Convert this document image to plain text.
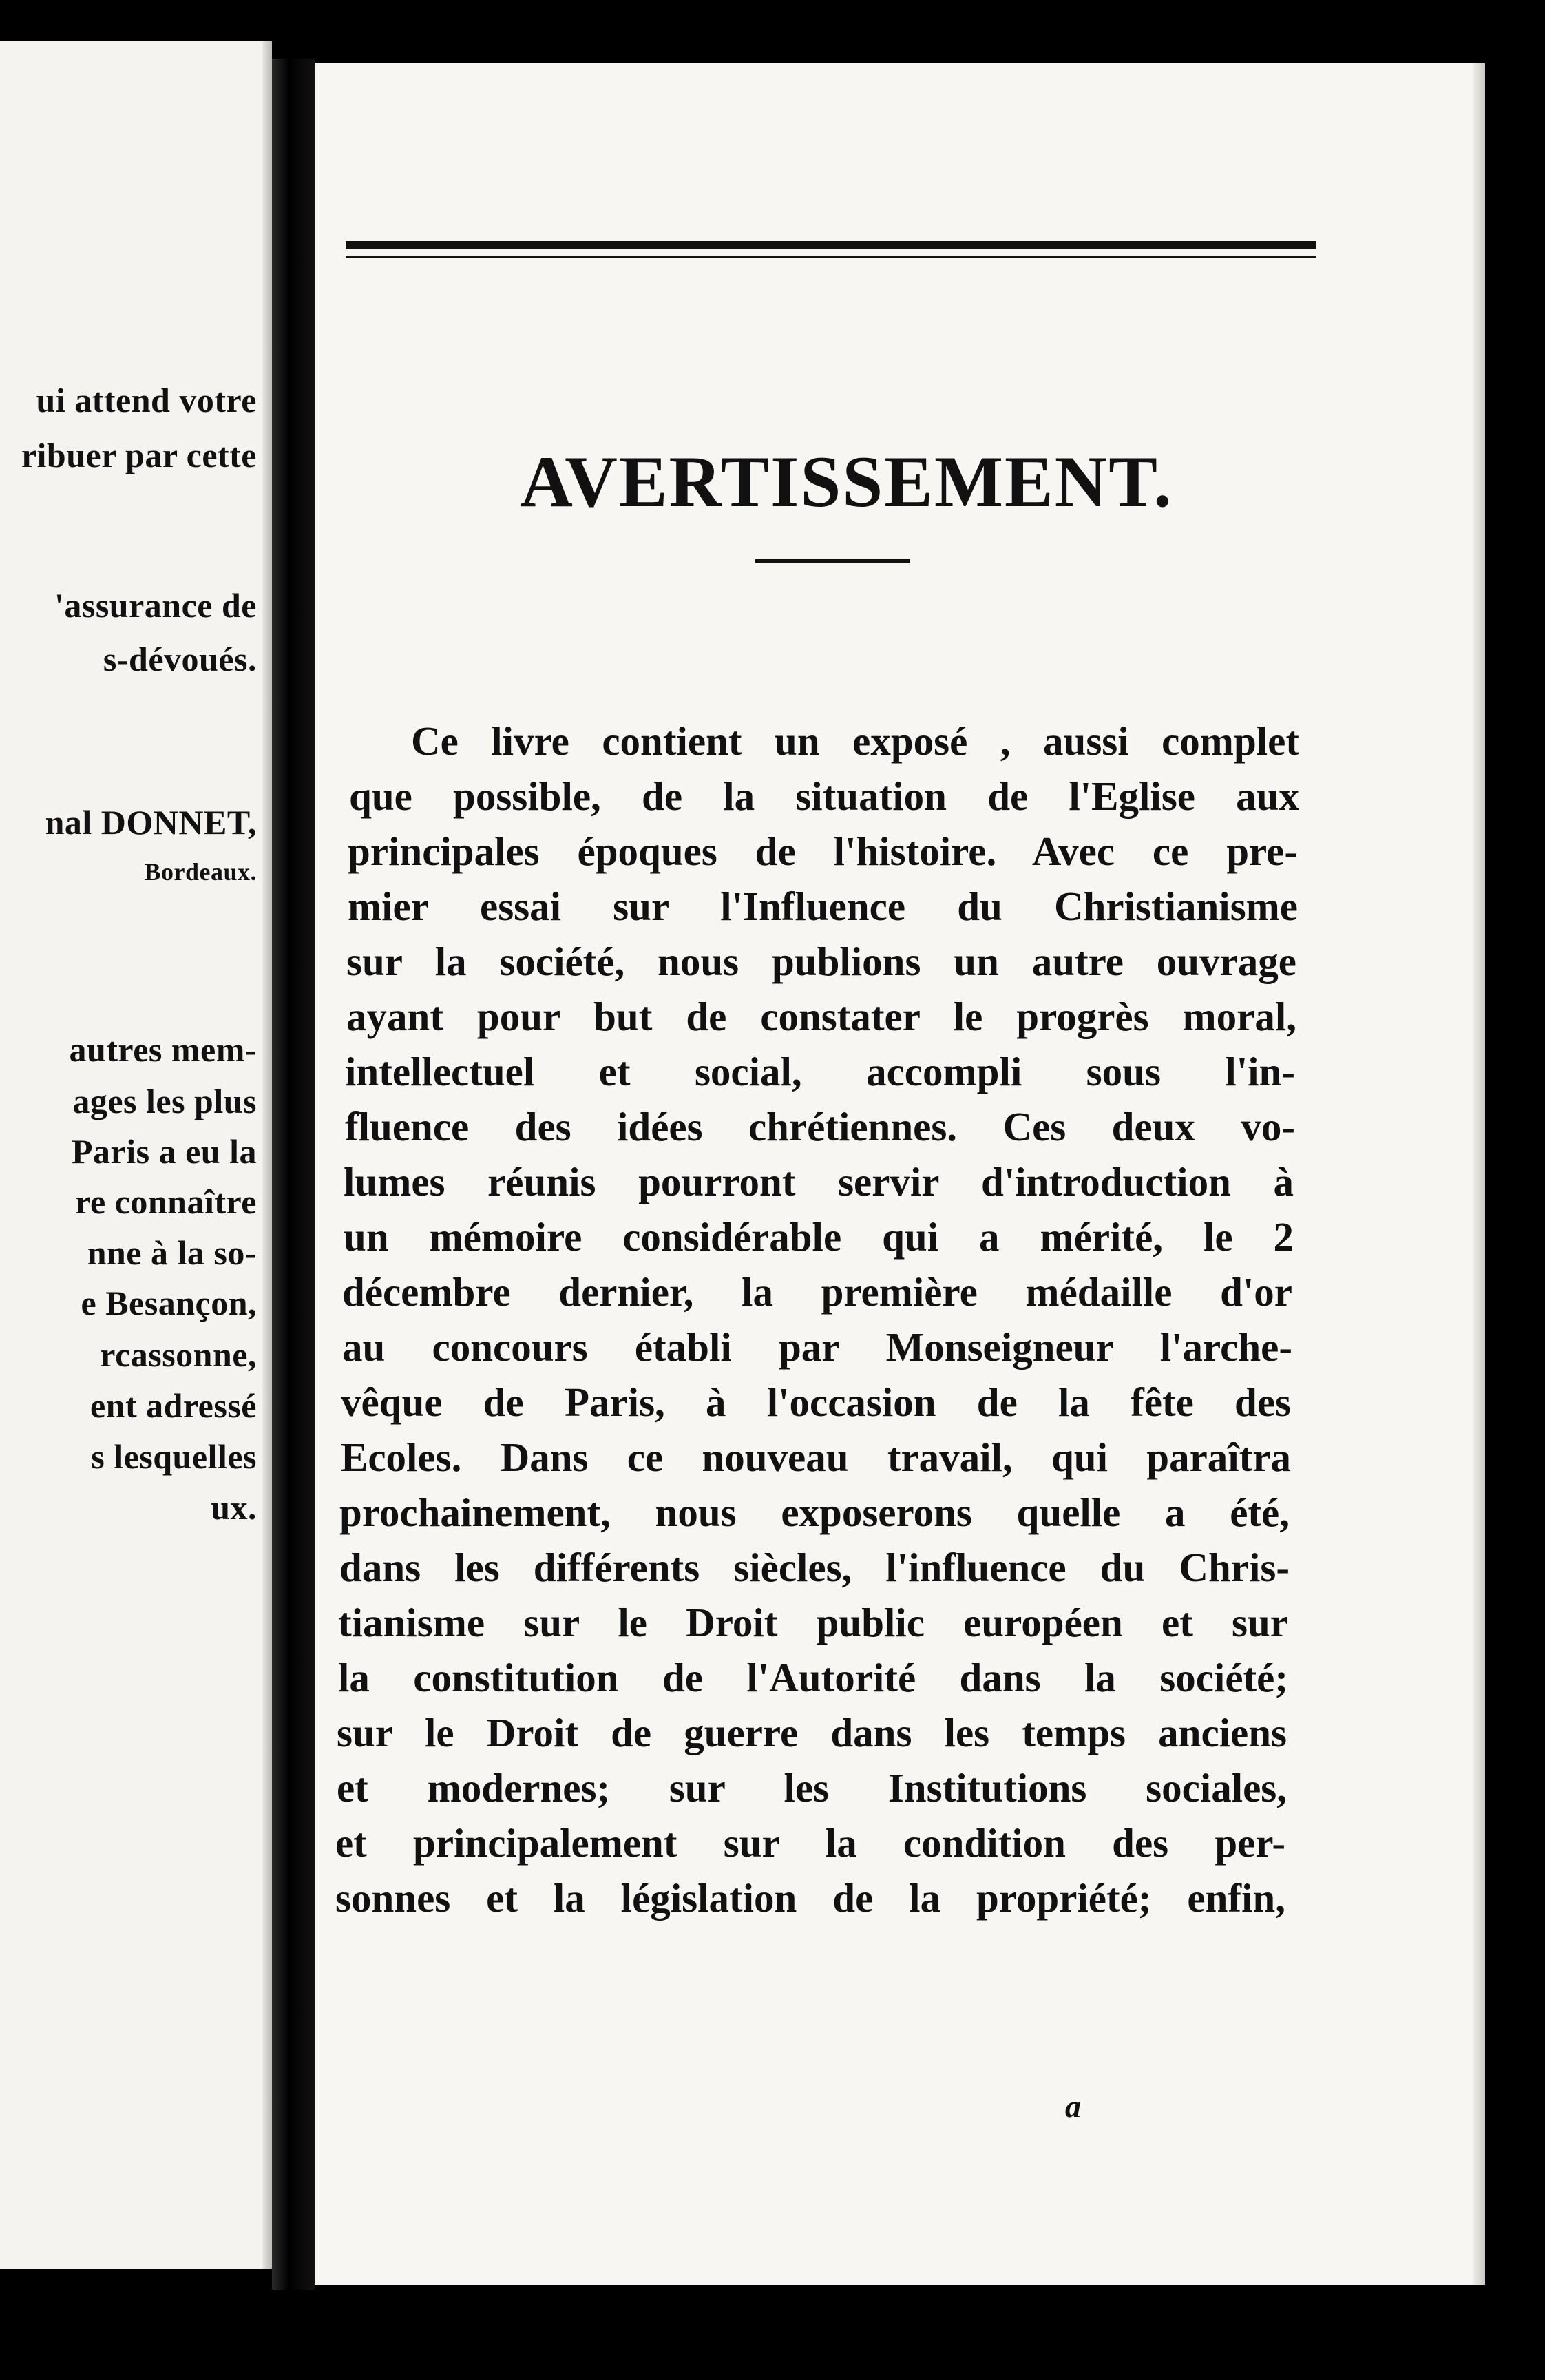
ui attend votre
ribuer par cette
'assurance de
s-dévoués.
nal DONNET,
Bordeaux.
autres mem-
ages les plus
Paris a eu la
re connaître
nne à la so-
e Besançon,
rcassonne,
ent adressé
s lesquelles
ux.
AVERTISSEMENT.
Ce livre contient un exposé , aussi complet
que possible, de la situation de l'Eglise aux
principales époques de l'histoire. Avec ce pre-
mier essai sur l'Influence du Christianisme
sur la société, nous publions un autre ouvrage
ayant pour but de constater le progrès moral,
intellectuel et social, accompli sous l'in-
fluence des idées chrétiennes. Ces deux vo-
lumes réunis pourront servir d'introduction à
un mémoire considérable qui a mérité, le 2
décembre dernier, la première médaille d'or
au concours établi par Monseigneur l'arche-
vêque de Paris, à l'occasion de la fête des
Ecoles. Dans ce nouveau travail, qui paraîtra
prochainement, nous exposerons quelle a été,
dans les différents siècles, l'influence du Chris-
tianisme sur le Droit public européen et sur
la constitution de l'Autorité dans la société;
sur le Droit de guerre dans les temps anciens
et modernes; sur les Institutions sociales,
et principalement sur la condition des per-
sonnes et la législation de la propriété; enfin,
a
